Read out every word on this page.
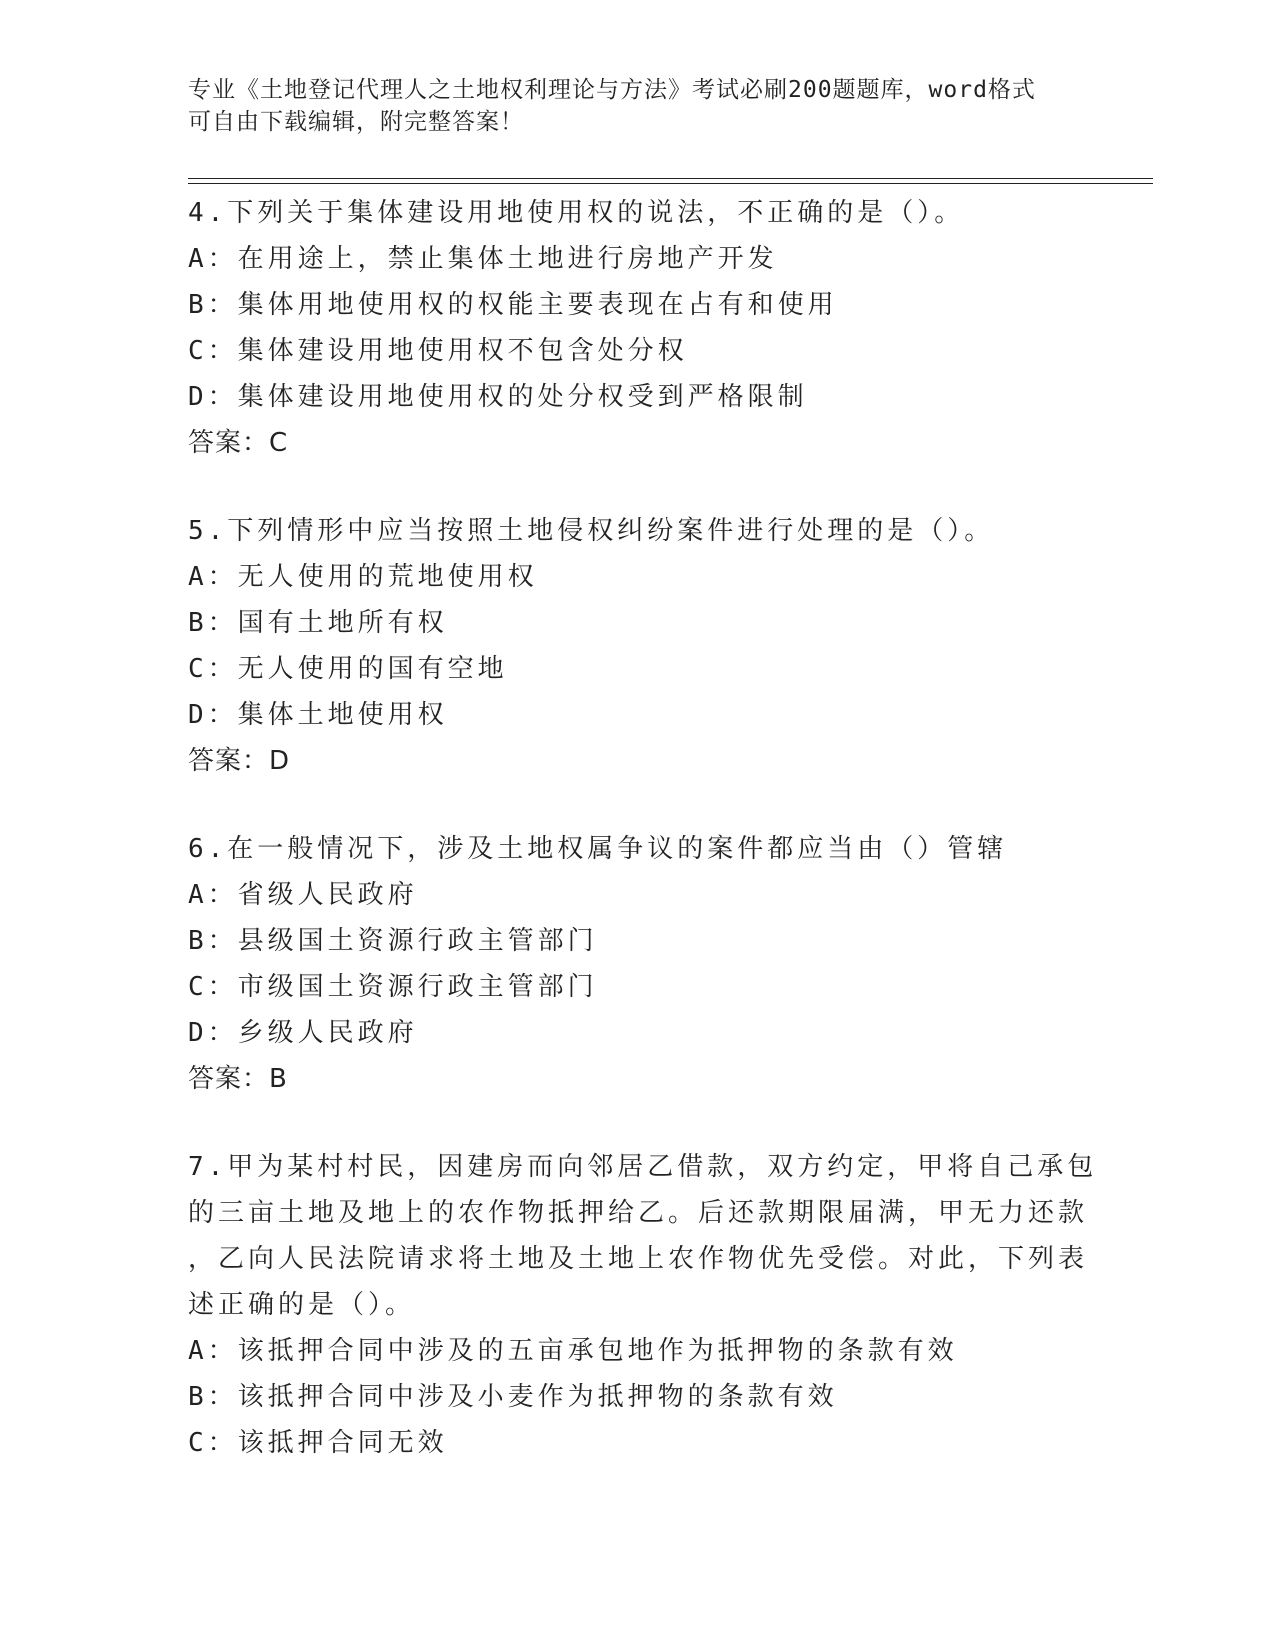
专业《土地登记代理人之土地权利理论与方法》考试必刷200题题库，word格式
可自由下载编辑，附完整答案！
4.下列关于集体建设用地使用权的说法，不正确的是（）。
A：在用途上，禁止集体土地进行房地产开发
B：集体用地使用权的权能主要表现在占有和使用
C：集体建设用地使用权不包含处分权
D：集体建设用地使用权的处分权受到严格限制
答案：C
5.下列情形中应当按照土地侵权纠纷案件进行处理的是（）。
A：无人使用的荒地使用权
B：国有土地所有权
C：无人使用的国有空地
D：集体土地使用权
答案：D
6.在一般情况下，涉及土地权属争议的案件都应当由（）管辖
A：省级人民政府
B：县级国土资源行政主管部门
C：市级国土资源行政主管部门
D：乡级人民政府
答案：B
7.甲为某村村民，因建房而向邻居乙借款，双方约定，甲将自己承包
的三亩土地及地上的农作物抵押给乙。后还款期限届满，甲无力还款
，乙向人民法院请求将土地及土地上农作物优先受偿。对此，下列表
述正确的是（）。
A：该抵押合同中涉及的五亩承包地作为抵押物的条款有效
B：该抵押合同中涉及小麦作为抵押物的条款有效
C：该抵押合同无效
